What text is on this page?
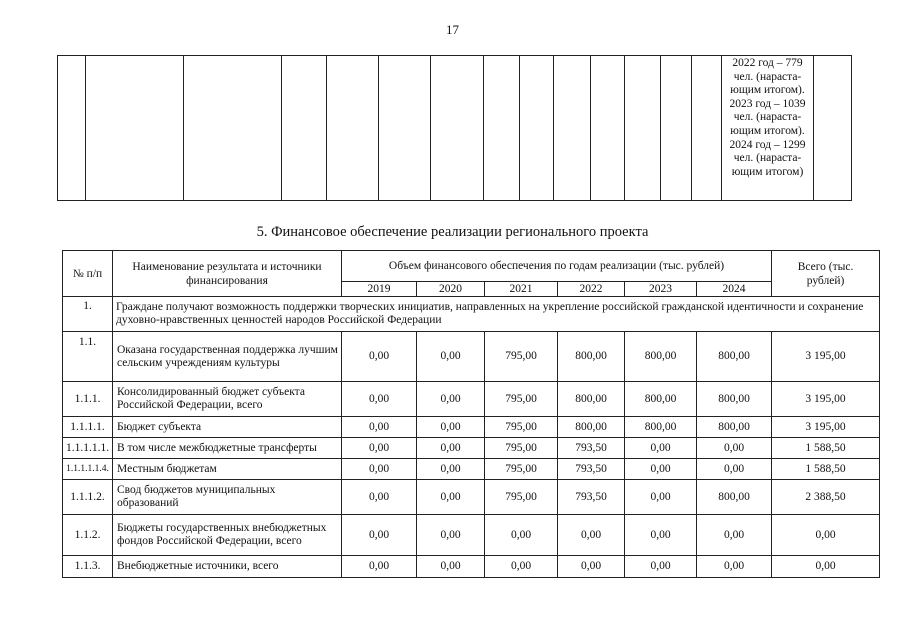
17

2022 год – 779
чел. (нараста-
ющим итогом).
2023 год – 1039
чел. (нараста-
ющим итогом).
2024 год – 1299
чел. (нараста-
ющим итогом)

5. Финансовое обеспечение реализации регионального проекта
№ п/п	Наименование результата и источники финансирования	Объем финансового обеспечения по годам реализации (тыс. рублей)						Всего (тыс. рублей)
		2019	2020	2021	2022	2023	2024	
1.	Граждане получают возможность поддержки творческих инициатив, направленных на укрепление российской гражданской идентичности и сохранение духовно-нравственных ценностей народов Российской Федерации							
1.1.	Оказана государственная поддержка лучшим сельским учреждениям культуры	0,00	0,00	795,00	800,00	800,00	800,00	3 195,00
1.1.1.	Консолидированный бюджет субъекта Российской Федерации, всего	0,00	0,00	795,00	800,00	800,00	800,00	3 195,00
1.1.1.1.	Бюджет субъекта	0,00	0,00	795,00	800,00	800,00	800,00	3 195,00
1.1.1.1.1.	В том числе межбюджетные трансферты	0,00	0,00	795,00	793,50	0,00	0,00	1 588,50
1.1.1.1.1.4.	Местным бюджетам	0,00	0,00	795,00	793,50	0,00	0,00	1 588,50
1.1.1.2.	Свод бюджетов муниципальных образований	0,00	0,00	795,00	793,50	0,00	800,00	2 388,50
1.1.2.	Бюджеты государственных внебюджетных фондов Российской Федерации, всего	0,00	0,00	0,00	0,00	0,00	0,00	0,00
1.1.3.	Внебюджетные источники, всего	0,00	0,00	0,00	0,00	0,00	0,00	0,00
